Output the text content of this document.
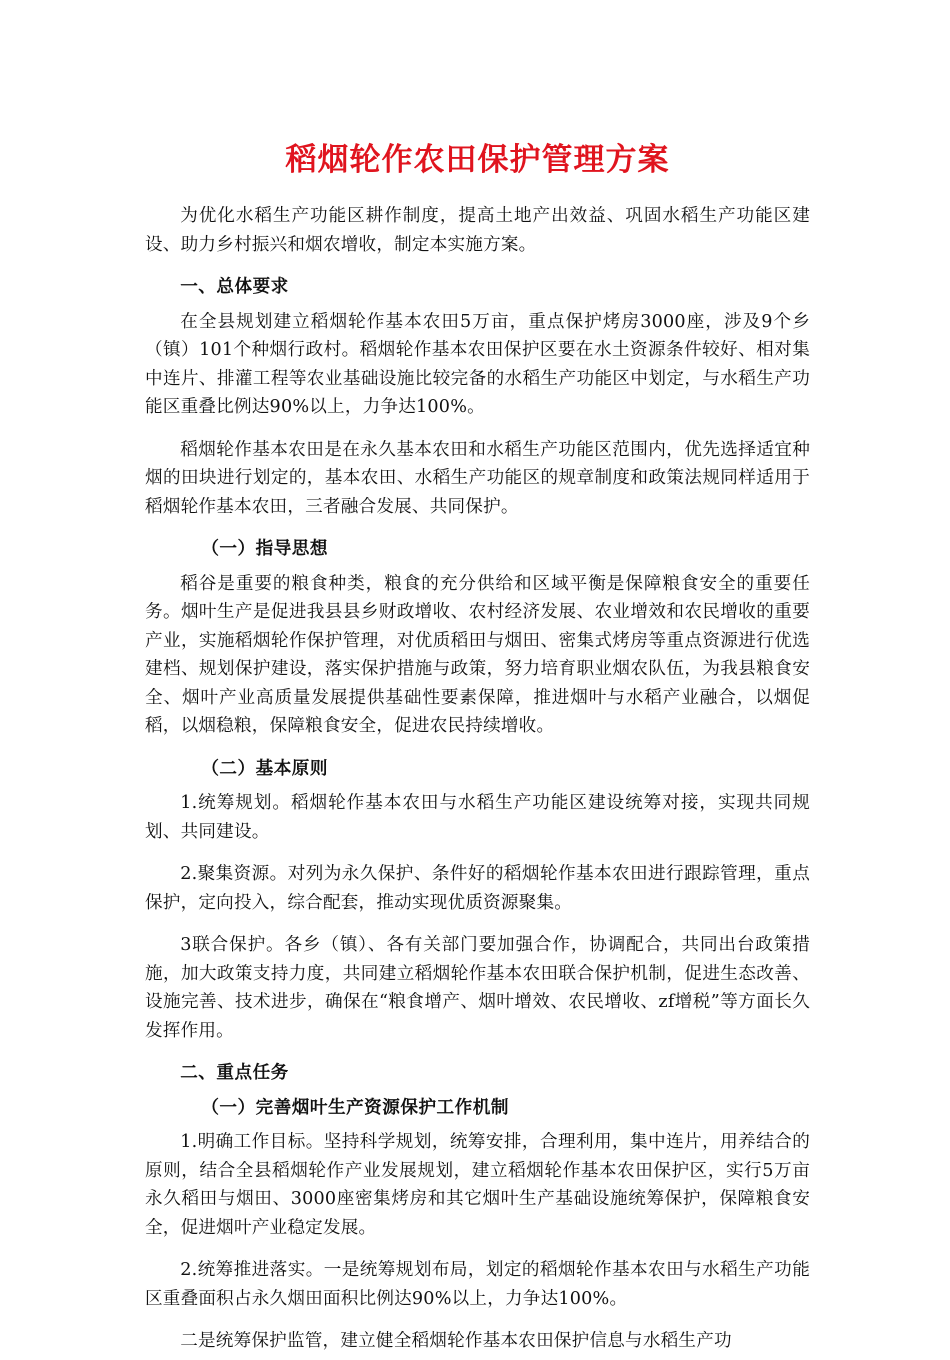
稻烟轮作农田保护管理方案

为优化水稻生产功能区耕作制度，提高土地产出效益、巩固水稻生产功能区建设、助力乡村振兴和烟农增收，制定本实施方案。

一、总体要求

在全县规划建立稻烟轮作基本农田5万亩，重点保护烤房3000座，涉及9个乡（镇）101个种烟行政村。稻烟轮作基本农田保护区要在水土资源条件较好、相对集中连片、排灌工程等农业基础设施比较完备的水稻生产功能区中划定，与水稻生产功能区重叠比例达90%以上，力争达100%。

稻烟轮作基本农田是在永久基本农田和水稻生产功能区范围内，优先选择适宜种烟的田块进行划定的，基本农田、水稻生产功能区的规章制度和政策法规同样适用于稻烟轮作基本农田，三者融合发展、共同保护。

（一）指导思想

稻谷是重要的粮食种类，粮食的充分供给和区域平衡是保障粮食安全的重要任务。烟叶生产是促进我县县乡财政增收、农村经济发展、农业增效和农民增收的重要产业，实施稻烟轮作保护管理，对优质稻田与烟田、密集式烤房等重点资源进行优选建档、规划保护建设，落实保护措施与政策，努力培育职业烟农队伍，为我县粮食安全、烟叶产业高质量发展提供基础性要素保障，推进烟叶与水稻产业融合，以烟促稻，以烟稳粮，保障粮食安全，促进农民持续增收。

（二）基本原则

1.统筹规划。稻烟轮作基本农田与水稻生产功能区建设统筹对接，实现共同规划、共同建设。

2.聚集资源。对列为永久保护、条件好的稻烟轮作基本农田进行跟踪管理，重点保护，定向投入，综合配套，推动实现优质资源聚集。

3联合保护。各乡（镇）、各有关部门要加强合作，协调配合，共同出台政策措施，加大政策支持力度，共同建立稻烟轮作基本农田联合保护机制，促进生态改善、设施完善、技术进步，确保在“粮食增产、烟叶增效、农民增收、zf增税”等方面长久发挥作用。

二、重点任务
（一）完善烟叶生产资源保护工作机制

1.明确工作目标。坚持科学规划，统筹安排，合理利用，集中连片，用养结合的原则，结合全县稻烟轮作产业发展规划，建立稻烟轮作基本农田保护区，实行5万亩永久稻田与烟田、3000座密集烤房和其它烟叶生产基础设施统筹保护，保障粮食安全，促进烟叶产业稳定发展。

2.统筹推进落实。一是统筹规划布局，划定的稻烟轮作基本农田与水稻生产功能区重叠面积占永久烟田面积比例达90%以上，力争达100%。

二是统筹保护监管，建立健全稻烟轮作基本农田保护信息与水稻生产功
